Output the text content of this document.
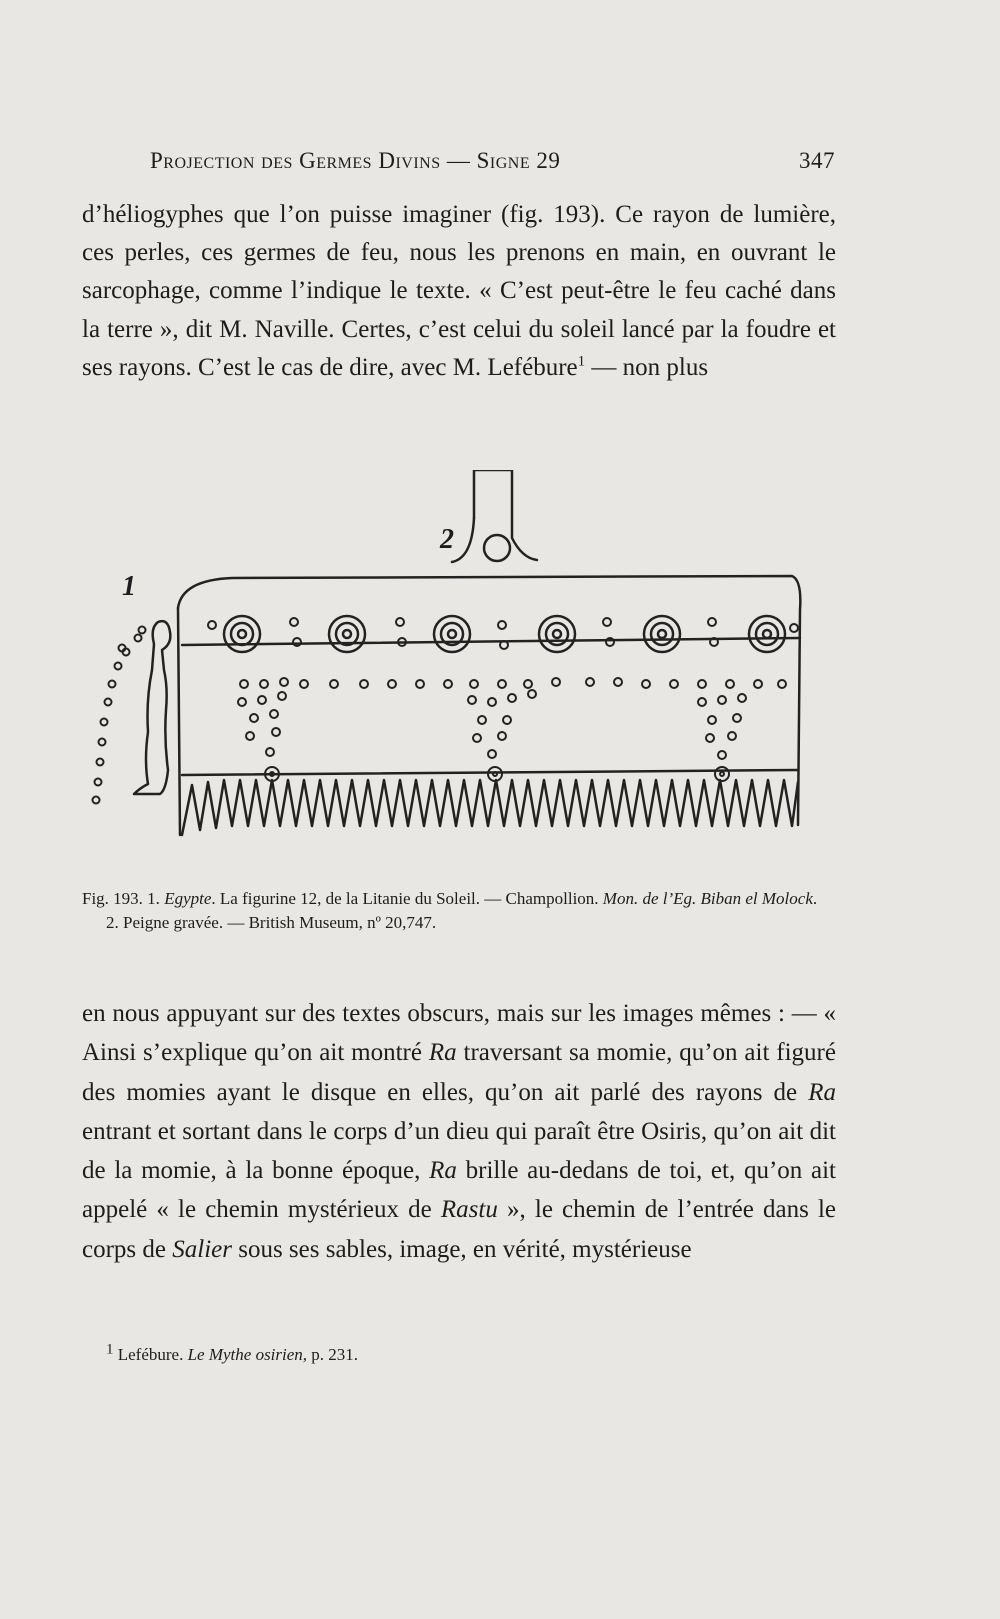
Projection des Germes Divins — Signe 29	347
d’héliogyphes que l’on puisse imaginer (fig. 193). Ce rayon de lumière, ces perles, ces germes de feu, nous les prenons en main, en ouvrant le sarcophage, comme l’indique le texte. « C’est peut-être le feu caché dans la terre », dit M. Naville. Certes, c’est celui du soleil lancé par la foudre et ses rayons. C’est le cas de dire, avec M. Lefébure$^1$ — non plus
1
2
Fig. 193. 1. Egypte. La figurine 12, de la Litanie du Soleil. — Champollion. Mon. de l’Eg. Biban el Molock.
2. Peigne gravée. — British Museum, nº 20,747.
en nous appuyant sur des textes obscurs, mais sur les images mêmes : — « Ainsi s’explique qu’on ait montré Ra traversant sa momie, qu’on ait figuré des momies ayant le disque en elles, qu’on ait parlé des rayons de Ra entrant et sortant dans le corps d’un dieu qui paraît être Osiris, qu’on ait dit de la momie, à la bonne époque, Ra brille au-dedans de toi, et, qu’on ait appelé « le chemin mystérieux de Rastu », le chemin de l’entrée dans le corps de Salier sous ses sables, image, en vérité, mystérieuse
$^1$ Lefébure. Le Mythe osirien, p. 231.
